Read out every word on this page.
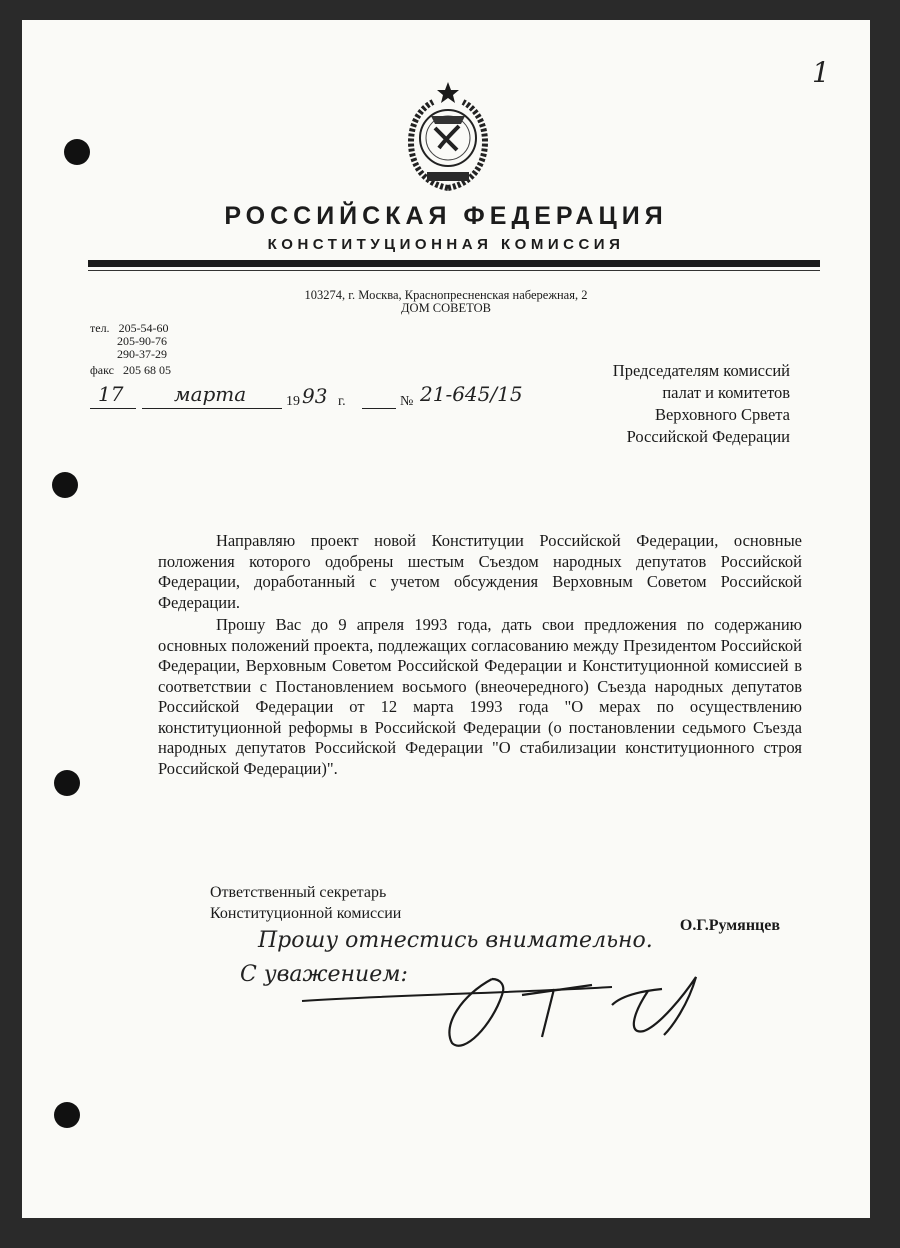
1
РОССИЙСКАЯ ФЕДЕРАЦИЯ
КОНСТИТУЦИОННАЯ КОМИССИЯ
103274, г. Москва, Краснопресненская набережная, 2
ДОМ СОВЕТОВ
тел. 205-54-60
205-90-76
290-37-29
факс 205 68 05
17	марта	19 93 г.	№ 21-645/15
Председателям комиссий
палат и комитетов
Верховного Срвета
Российской Федерации
Направляю проект новой Конституции Российской Федерации, основные положения которого одобрены шестым Съездом народных депутатов Российской Федерации, доработанный с учетом обсуждения Верховным Советом Российской Федерации.
Прошу Вас до 9 апреля 1993 года, дать свои предложения по содержанию основных положений проекта, подлежащих согласованию между Президентом Российской Федерации, Верховным Советом Российской Федерации и Конституционной комиссией в соответствии с Постановлением восьмого (внеочередного) Съезда народных депутатов Российской Федерации от 12 марта 1993 года "О мерах по осуществлению конституционной реформы в Российской Федерации (о постановлении седьмого Съезда народных депутатов Российской Федерации "О стабилизации конституционного строя Российской Федерации)".
Ответственный секретарь
Конституционной комиссии
О.Г.Румянцев
Прошу отнестись внимательно.
С уважением:
